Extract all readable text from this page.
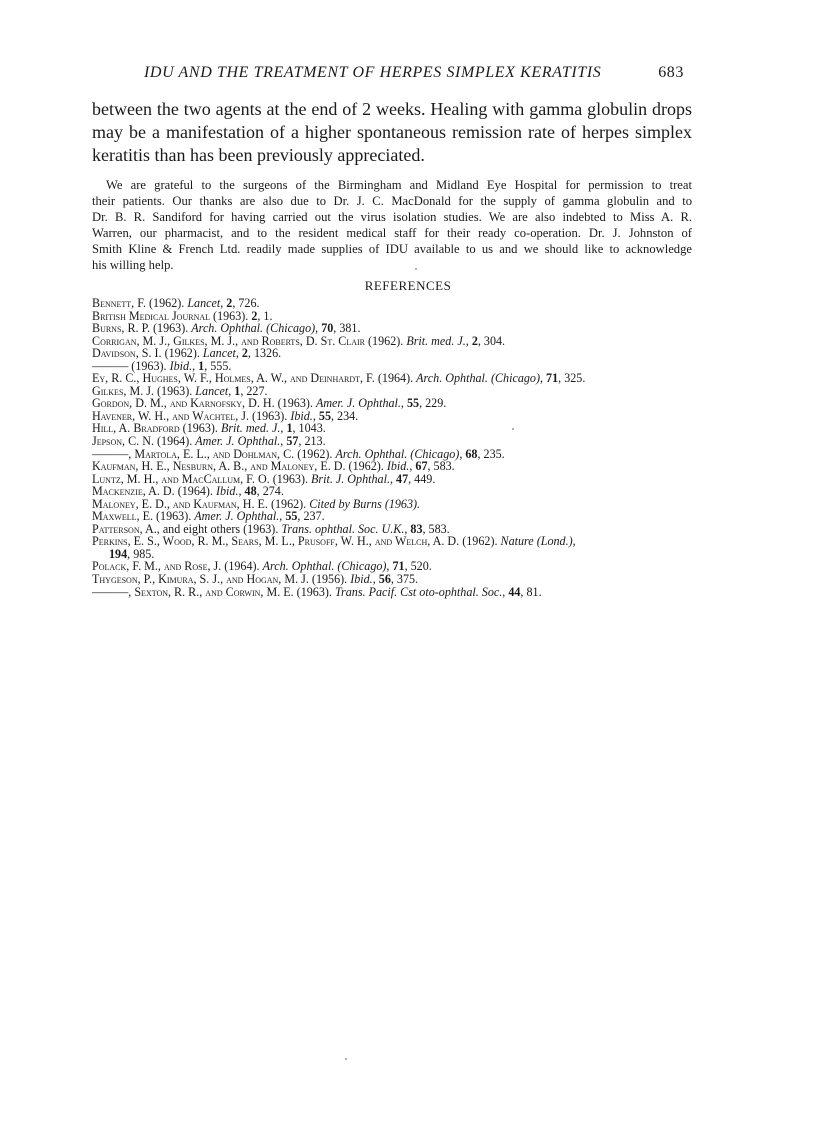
IDU AND THE TREATMENT OF HERPES SIMPLEX KERATITIS	683
between the two agents at the end of 2 weeks. Healing with gamma globulin drops
may be a manifestation of a higher spontaneous remission rate of herpes simplex
keratitis than has been previously appreciated.
We are grateful to the surgeons of the Birmingham and Midland Eye Hospital for permission to treat
their patients. Our thanks are also due to Dr. J. C. MacDonald for the supply of gamma globulin and to
Dr. B. R. Sandiford for having carried out the virus isolation studies. We are also indebted to Miss A. R.
Warren, our pharmacist, and to the resident medical staff for their ready co-operation. Dr. J. Johnston of
Smith Kline & French Ltd. readily made supplies of IDU available to us and we should like to acknowledge
his willing help.
REFERENCES
Bennett, F. (1962). Lancet, 2, 726.
British Medical Journal (1963). 2, 1.
Burns, R. P. (1963). Arch. Ophthal. (Chicago), 70, 381.
Corrigan, M. J., Gilkes, M. J., and Roberts, D. St. Clair (1962). Brit. med. J., 2, 304.
Davidson, S. I. (1962). Lancet, 2, 1326.
——— (1963). Ibid., 1, 555.
Ey, R. C., Hughes, W. F., Holmes, A. W., and Deinhardt, F. (1964). Arch. Ophthal. (Chicago), 71, 325.
Gilkes, M. J. (1963). Lancet, 1, 227.
Gordon, D. M., and Karnofsky, D. H. (1963). Amer. J. Ophthal., 55, 229.
Havener, W. H., and Wachtel, J. (1963). Ibid., 55, 234.
Hill, A. Bradford (1963). Brit. med. J., 1, 1043.
Jepson, C. N. (1964). Amer. J. Ophthal., 57, 213.
———, Martola, E. L., and Dohlman, C. (1962). Arch. Ophthal. (Chicago), 68, 235.
Kaufman, H. E., Nesburn, A. B., and Maloney, E. D. (1962). Ibid., 67, 583.
Luntz, M. H., and MacCallum, F. O. (1963). Brit. J. Ophthal., 47, 449.
Mackenzie, A. D. (1964). Ibid., 48, 274.
Maloney, E. D., and Kaufman, H. E. (1962). Cited by Burns (1963).
Maxwell, E. (1963). Amer. J. Ophthal., 55, 237.
Patterson, A., and eight others (1963). Trans. ophthal. Soc. U.K., 83, 583.
Perkins, E. S., Wood, R. M., Sears, M. L., Prusoff, W. H., and Welch, A. D. (1962). Nature (Lond.),
194, 985.
Polack, F. M., and Rose, J. (1964). Arch. Ophthal. (Chicago), 71, 520.
Thygeson, P., Kimura, S. J., and Hogan, M. J. (1956). Ibid., 56, 375.
———, Sexton, R. R., and Corwin, M. E. (1963). Trans. Pacif. Cst oto-ophthal. Soc., 44, 81.
